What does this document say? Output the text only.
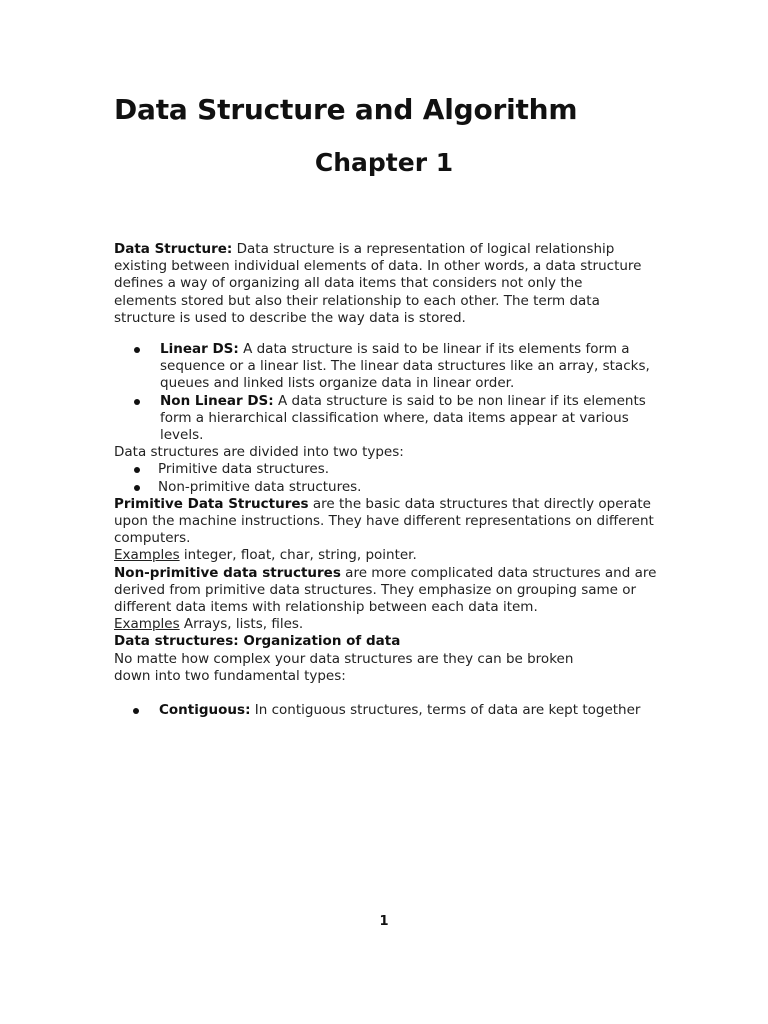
Data Structure and Algorithm
Chapter 1

Data Structure: Data structure is a representation of logical relationship existing between individual elements of data. In other words, a data structure defines a way of organizing all data items that considers not only the elements stored but also their relationship to each other. The term data structure is used to describe the way data is stored.

Linear DS: A data structure is said to be linear if its elements form a sequence or a linear list. The linear data structures like an array, stacks, queues and linked lists organize data in linear order.
Non Linear DS: A data structure is said to be non linear if its elements form a hierarchical classification where, data items appear at various levels.

Data structures are divided into two types:

Primitive data structures.
Non-primitive data structures.

Primitive Data Structures are the basic data structures that directly operate upon the machine instructions. They have different representations on different computers.

Examples integer, float, char, string, pointer.

Non-primitive data structures are more complicated data structures and are derived from primitive data structures. They emphasize on grouping same or different data items with relationship between each data item.

Examples Arrays, lists, files.

Data structures: Organization of data

No matte how complex your data structures are they can be broken down into two fundamental types:

Contiguous: In contiguous structures, terms of data are kept together
1
